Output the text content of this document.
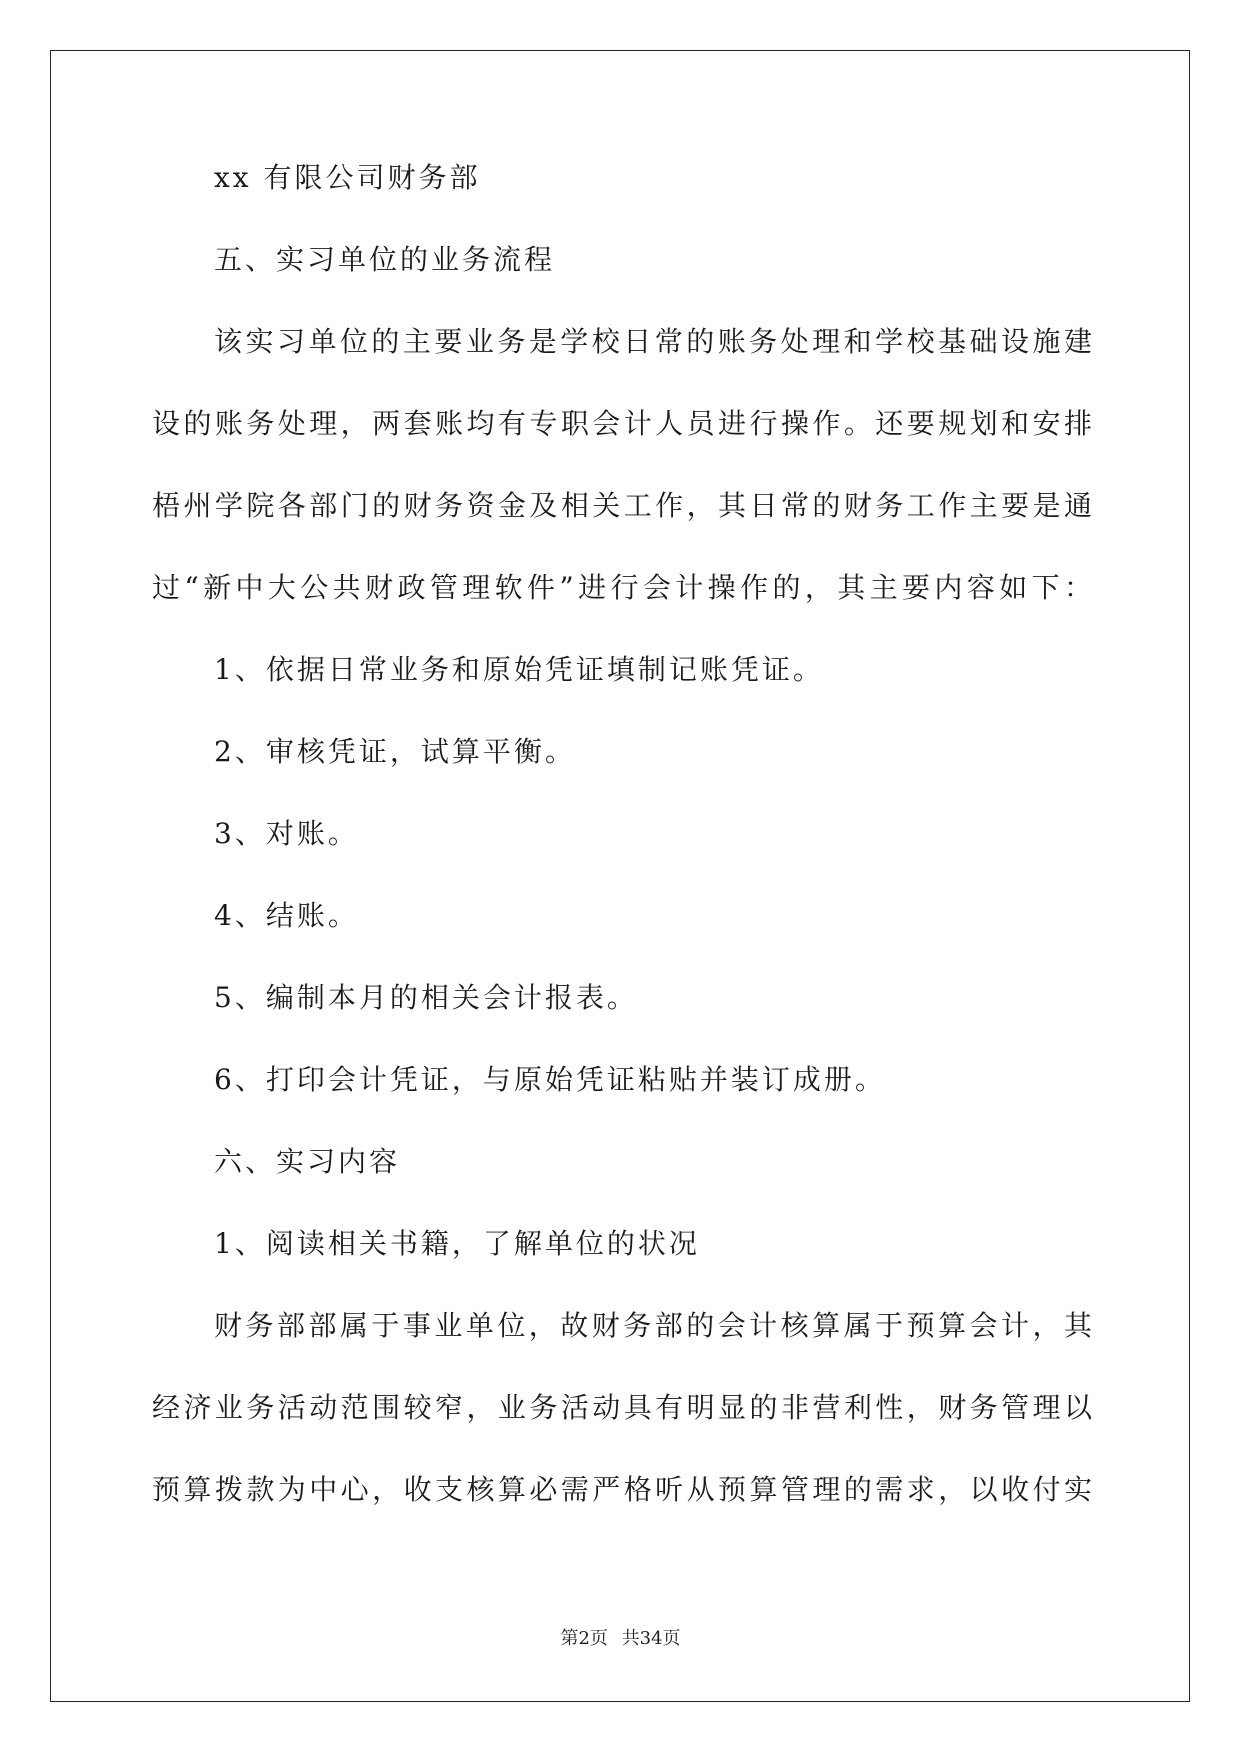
xx 有限公司财务部
五、实习单位的业务流程
该实习单位的主要业务是学校日常的账务处理和学校基础设施建
设的账务处理，两套账均有专职会计人员进行操作。还要规划和安排
梧州学院各部门的财务资金及相关工作，其日常的财务工作主要是通
过“新中大公共财政管理软件”进行会计操作的，其主要内容如下：
1、依据日常业务和原始凭证填制记账凭证。
2、审核凭证，试算平衡。
3、对账。
4、结账。
5、编制本月的相关会计报表。
6、打印会计凭证，与原始凭证粘贴并装订成册。
六、实习内容
1、阅读相关书籍，了解单位的状况
财务部部属于事业单位，故财务部的会计核算属于预算会计，其
经济业务活动范围较窄，业务活动具有明显的非营利性，财务管理以
预算拨款为中心，收支核算必需严格听从预算管理的需求，以收付实
第2页 共34页
